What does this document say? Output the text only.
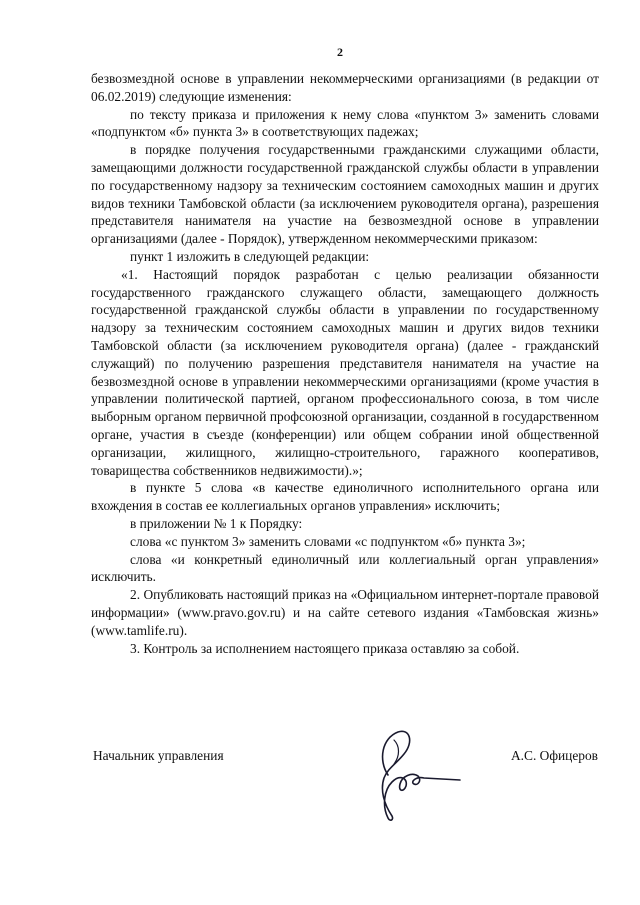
2

безвозмездной основе в управлении некоммерческими организациями (в редакции от 06.02.2019) следующие изменения:

по тексту приказа и приложения к нему слова «пунктом 3» заменить словами «подпунктом «б» пункта 3» в соответствующих падежах;

в порядке получения государственными гражданскими служащими области, замещающими должности государственной гражданской службы области в управлении по государственному надзору за техническим состоянием самоходных машин и других видов техники Тамбовской области (за исключением руководителя органа), разрешения представителя нанимателя на участие на безвозмездной основе в управлении организациями (далее - Порядок), утвержденном некоммерческими приказом:

пункт 1 изложить в следующей редакции:

«1. Настоящий порядок разработан с целью реализации обязанности государственного гражданского служащего области, замещающего должность государственной гражданской службы области в управлении по государственному надзору за техническим состоянием самоходных машин и других видов техники Тамбовской области (за исключением руководителя органа) (далее - гражданский служащий) по получению разрешения представителя нанимателя на участие на безвозмездной основе в управлении некоммерческими организациями (кроме участия в управлении политической партией, органом профессионального союза, в том числе выборным органом первичной профсоюзной организации, созданной в государственном органе, участия в съезде (конференции) или общем собрании иной общественной организации, жилищного, жилищно-строительного, гаражного кооперативов, товарищества собственников недвижимости).»;

в пункте 5 слова «в качестве единоличного исполнительного органа или вхождения в состав ее коллегиальных органов управления» исключить;

в приложении № 1 к Порядку:

слова «с пунктом 3» заменить словами «с подпунктом «б» пункта 3»;

слова «и конкретный единоличный или коллегиальный орган управления» исключить.

2. Опубликовать настоящий приказ на «Официальном интернет-портале правовой информации» (www.pravo.gov.ru) и на сайте сетевого издания «Тамбовская жизнь» (www.tamlife.ru).

3. Контроль за исполнением настоящего приказа оставляю за собой.

Начальник управления	А.С. Офицеров
